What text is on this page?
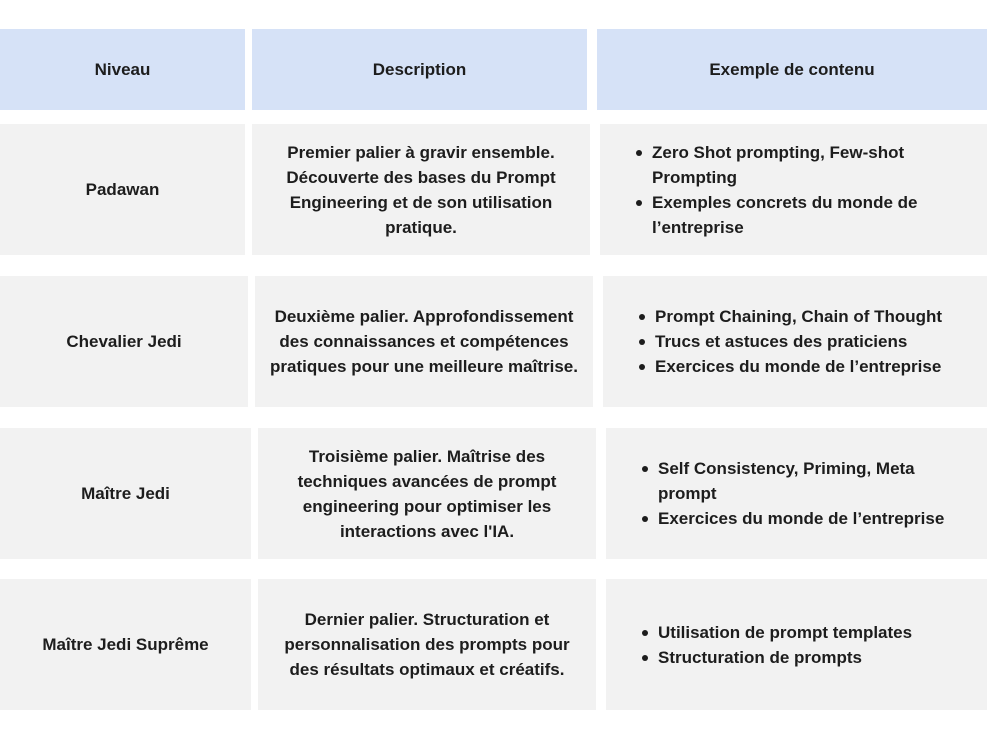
Niveau	Description	Exemple de contenu
Padawan
Premier palier à gravir ensemble. Découverte des bases du Prompt Engineering et de son utilisation pratique.
Zero Shot prompting, Few-shot Prompting
Exemples concrets du monde de l’entreprise
Chevalier Jedi
Deuxième palier. Approfondissement des connaissances et compétences pratiques pour une meilleure maîtrise.
Prompt Chaining, Chain of Thought
Trucs et astuces des praticiens
Exercices du monde de l’entreprise
Maître Jedi
Troisième palier. Maîtrise des techniques avancées de prompt engineering pour optimiser les interactions avec l'IA.
Self Consistency, Priming, Meta prompt
Exercices du monde de l’entreprise
Maître Jedi Suprême
Dernier palier. Structuration et personnalisation des prompts pour des résultats optimaux et créatifs.
Utilisation de prompt templates
Structuration de prompts
